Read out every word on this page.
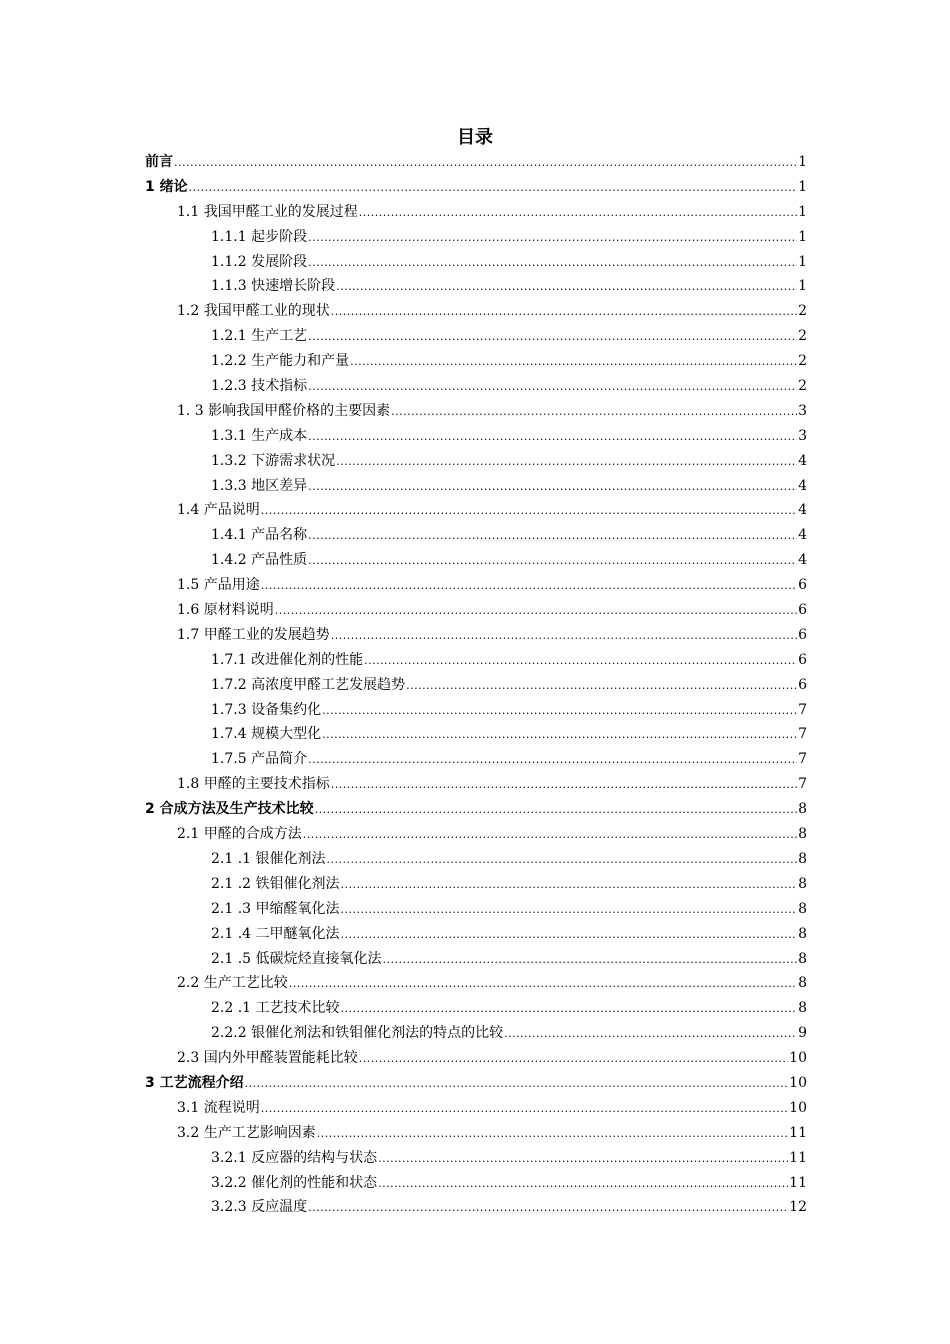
目录
前言 .....	1
1 绪论 .....	1
1.1 我国甲醛工业的发展过程 .....	1
1.1.1 起步阶段 .....	1
1.1.2 发展阶段 .....	1
1.1.3 快速增长阶段 .....	1
1.2 我国甲醛工业的现状 .....	2
1.2.1 生产工艺 .....	2
1.2.2 生产能力和产量 .....	2
1.2.3 技术指标 .....	2
1. 3 影响我国甲醛价格的主要因素 .....	3
1.3.1 生产成本 .....	3
1.3.2 下游需求状况 .....	4
1.3.3 地区差异 .....	4
1.4 产品说明 .....	4
1.4.1 产品名称 .....	4
1.4.2 产品性质 .....	4
1.5 产品用途 .....	6
1.6 原材料说明 .....	6
1.7 甲醛工业的发展趋势 .....	6
1.7.1 改进催化剂的性能 .....	6
1.7.2 高浓度甲醛工艺发展趋势 .....	6
1.7.3 设备集约化 .....	7
1.7.4 规模大型化 .....	7
1.7.5 产品简介 .....	7
1.8 甲醛的主要技术指标 .....	7
2 合成方法及生产技术比较 .....	8
2.1 甲醛的合成方法 .....	8
2.1 .1 银催化剂法 .....	8
2.1 .2 铁钼催化剂法 .....	8
2.1 .3 甲缩醛氧化法 .....	8
2.1 .4 二甲醚氧化法 .....	8
2.1 .5 低碳烷烃直接氧化法 .....	8
2.2 生产工艺比较 .....	8
2.2 .1 工艺技术比较 .....	8
2.2.2 银催化剂法和铁钼催化剂法的特点的比较 .....	9
2.3 国内外甲醛装置能耗比较 .....	10
3 工艺流程介绍 .....	10
3.1 流程说明 .....	10
3.2 生产工艺影响因素 .....	11
3.2.1 反应器的结构与状态 .....	11
3.2.2 催化剂的性能和状态 .....	11
3.2.3 反应温度 .....	12
